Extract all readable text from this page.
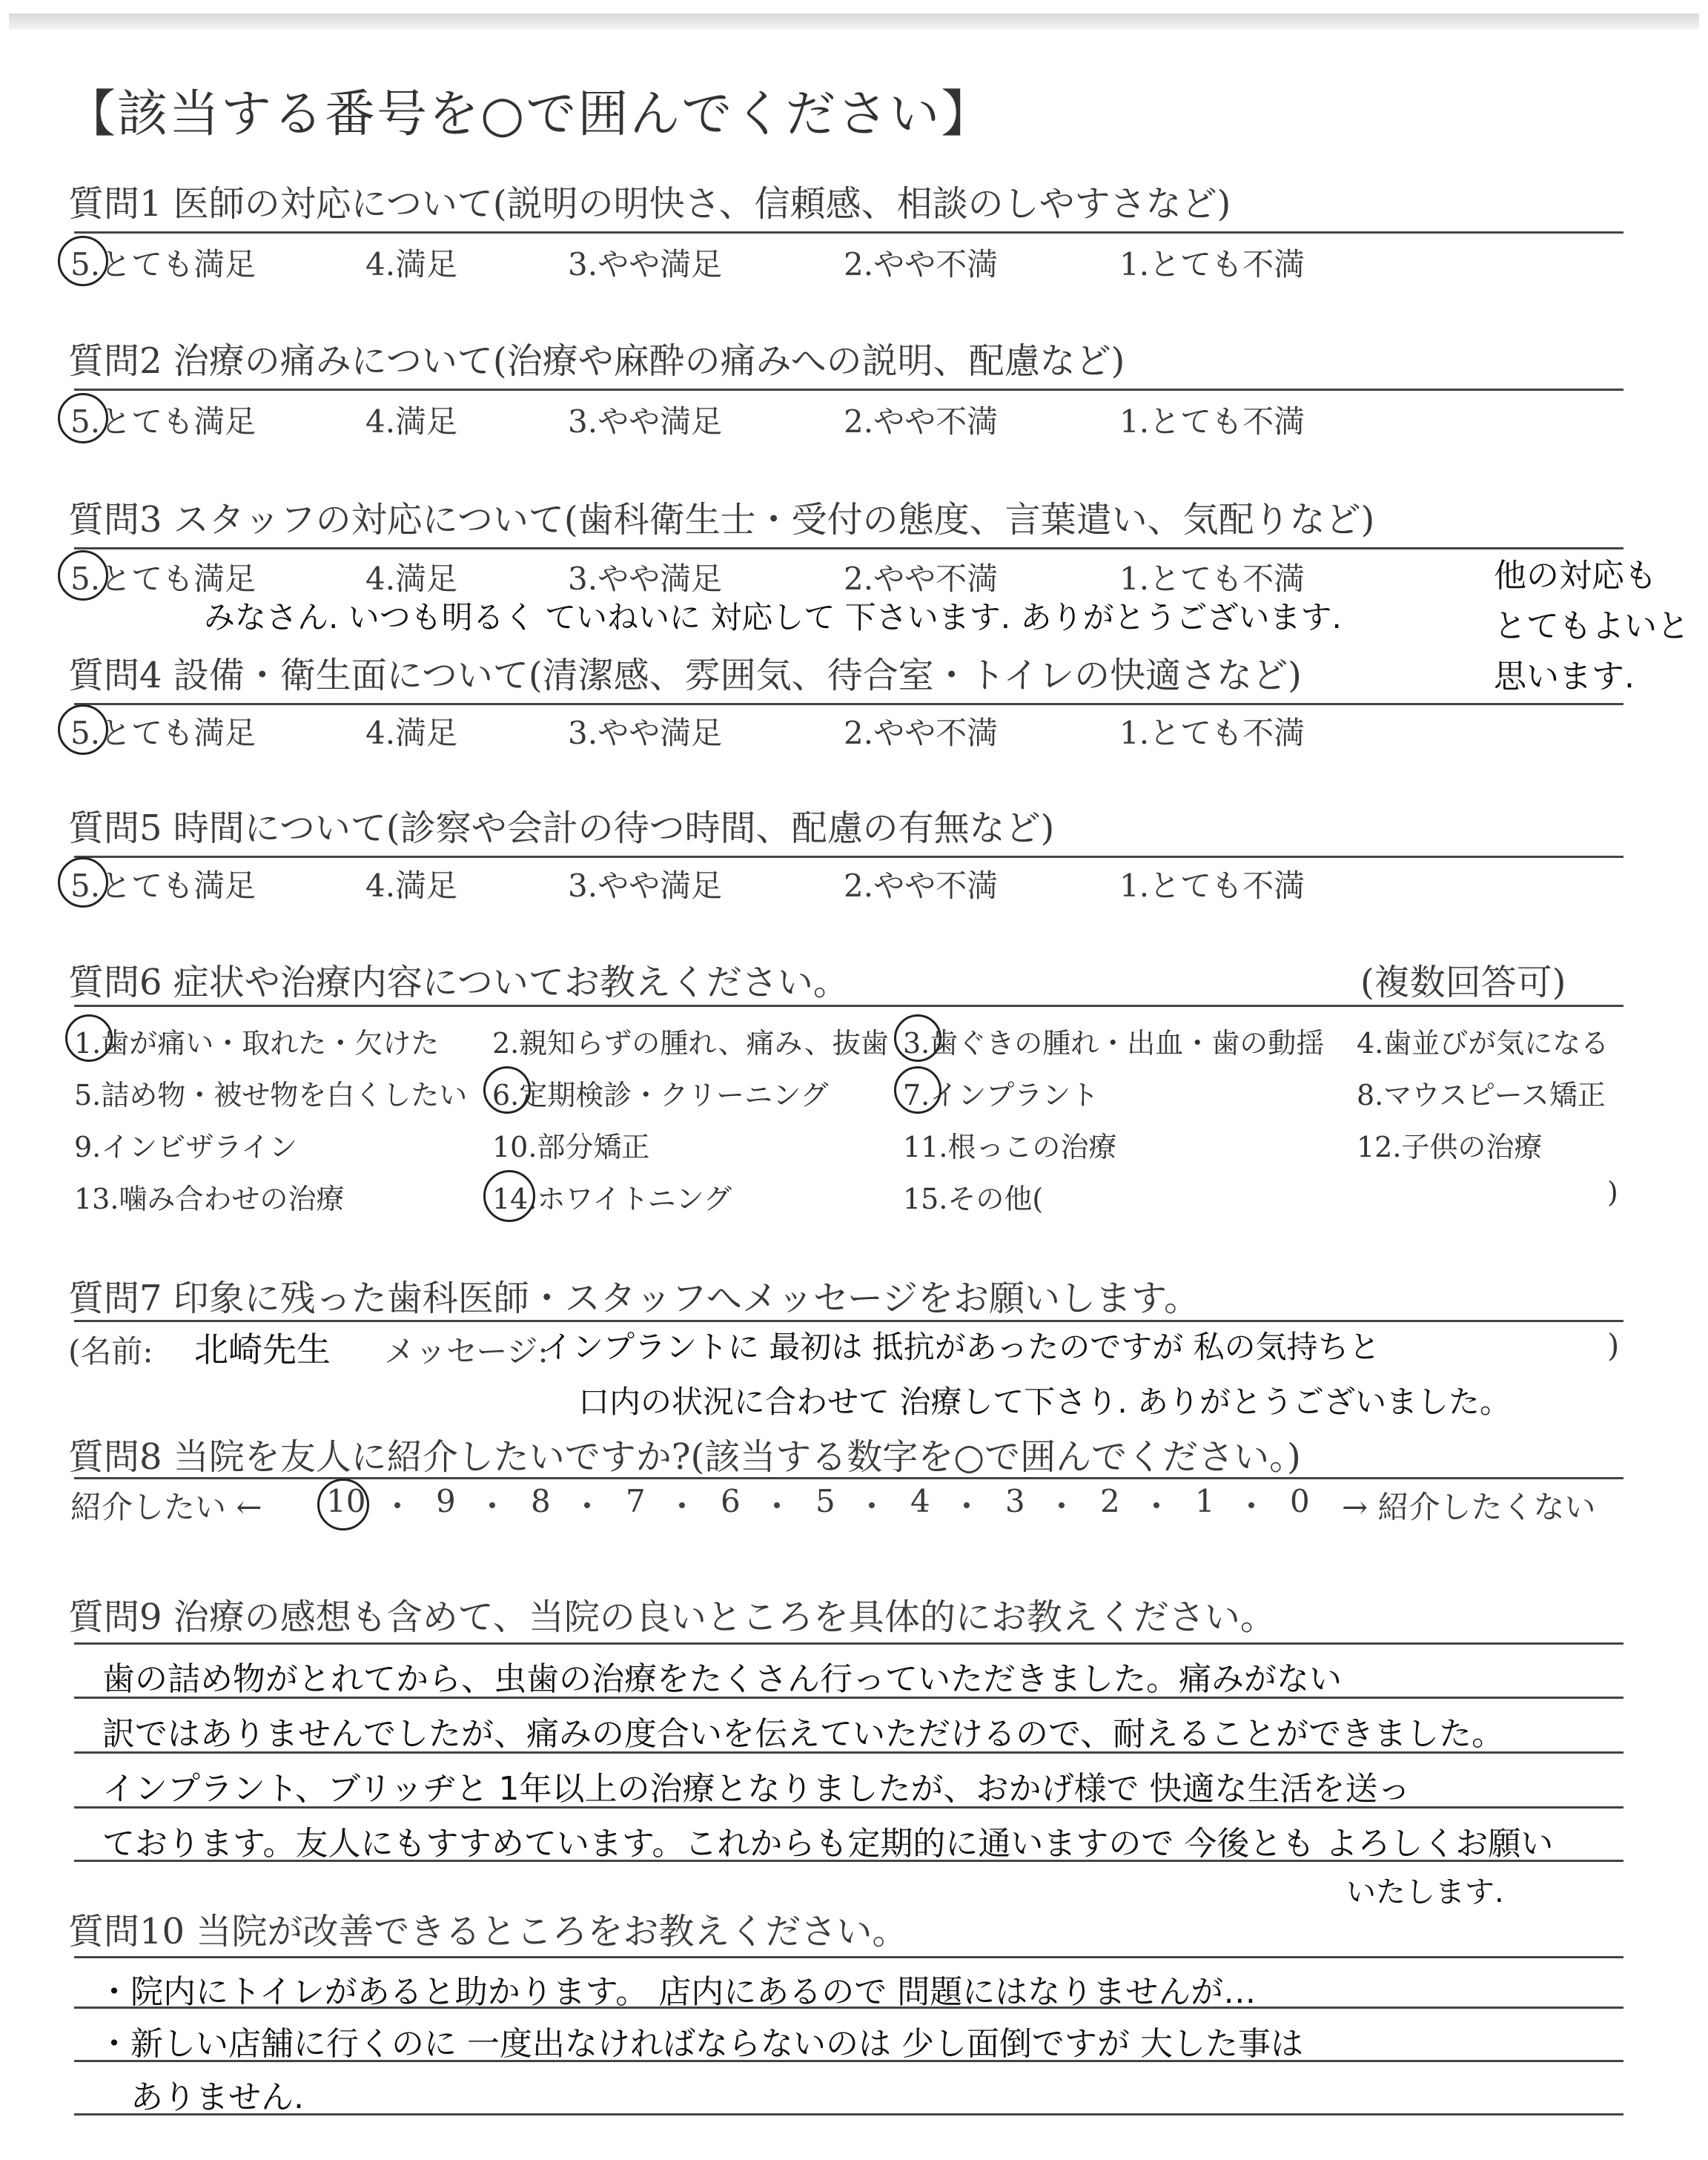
【該当する番号を○で囲んでください】
質問1 医師の対応について(説明の明快さ、信頼感、相談のしやすさなど)
5.とても満足	4.満足	3.やや満足	2.やや不満	1.とても不満
質問2 治療の痛みについて(治療や麻酔の痛みへの説明、配慮など)
5.とても満足	4.満足	3.やや満足	2.やや不満	1.とても不満
質問3 スタッフの対応について(歯科衛生士・受付の態度、言葉遣い、気配りなど)
5.とても満足	4.満足	3.やや満足	2.やや不満	1.とても不満
みなさん. いつも明るく ていねいに 対応して 下さいます. ありがとうございます.
他の対応も
とてもよいと
思います.
質問4 設備・衛生面について(清潔感、雰囲気、待合室・トイレの快適さなど)
5.とても満足	4.満足	3.やや満足	2.やや不満	1.とても不満
質問5 時間について(診察や会計の待つ時間、配慮の有無など)
5.とても満足	4.満足	3.やや満足	2.やや不満	1.とても不満
質問6 症状や治療内容についてお教えください。	(複数回答可)
1.歯が痛い・取れた・欠けた 2.親知らずの腫れ、痛み、抜歯 3.歯ぐきの腫れ・出血・歯の動揺 4.歯並びが気になる
5.詰め物・被せ物を白くしたい 6.定期検診・クリーニング	7.インプラント	8.マウスピース矯正
9.インビザライン	10.部分矯正	11.根っこの治療	12.子供の治療
13.噛み合わせの治療	14.ホワイトニング	15.その他(	)
質問7 印象に残った歯科医師・スタッフへメッセージをお願いします。
(名前: 北崎先生 メッセージ:
インプラントに 最初は 抵抗があったのですが 私の気持ちと	)
口内の状況に合わせて 治療して下さり. ありがとうございました。
質問8 当院を友人に紹介したいですか?(該当する数字を○で囲んでください。)
紹介したい ← 10 9 8 7 6 5 4 3 2 1 0 → 紹介したくない
質問9 治療の感想も含めて、当院の良いところを具体的にお教えください。
歯の詰め物がとれてから、虫歯の治療をたくさん行っていただきました。痛みがない
訳ではありませんでしたが、痛みの度合いを伝えていただけるので、耐えることができました。
インプラント、ブリッヂと 1年以上の治療となりましたが、おかげ様で 快適な生活を送っ
ております。友人にもすすめています。これからも定期的に通いますので 今後とも よろしくお願い
いたします.
質問10 当院が改善できるところをお教えください。
・院内にトイレがあると助かります。 店内にあるので 問題にはなりませんが…
・新しい店舗に行くのに 一度出なければならないのは 少し面倒ですが 大した事は
ありません.
